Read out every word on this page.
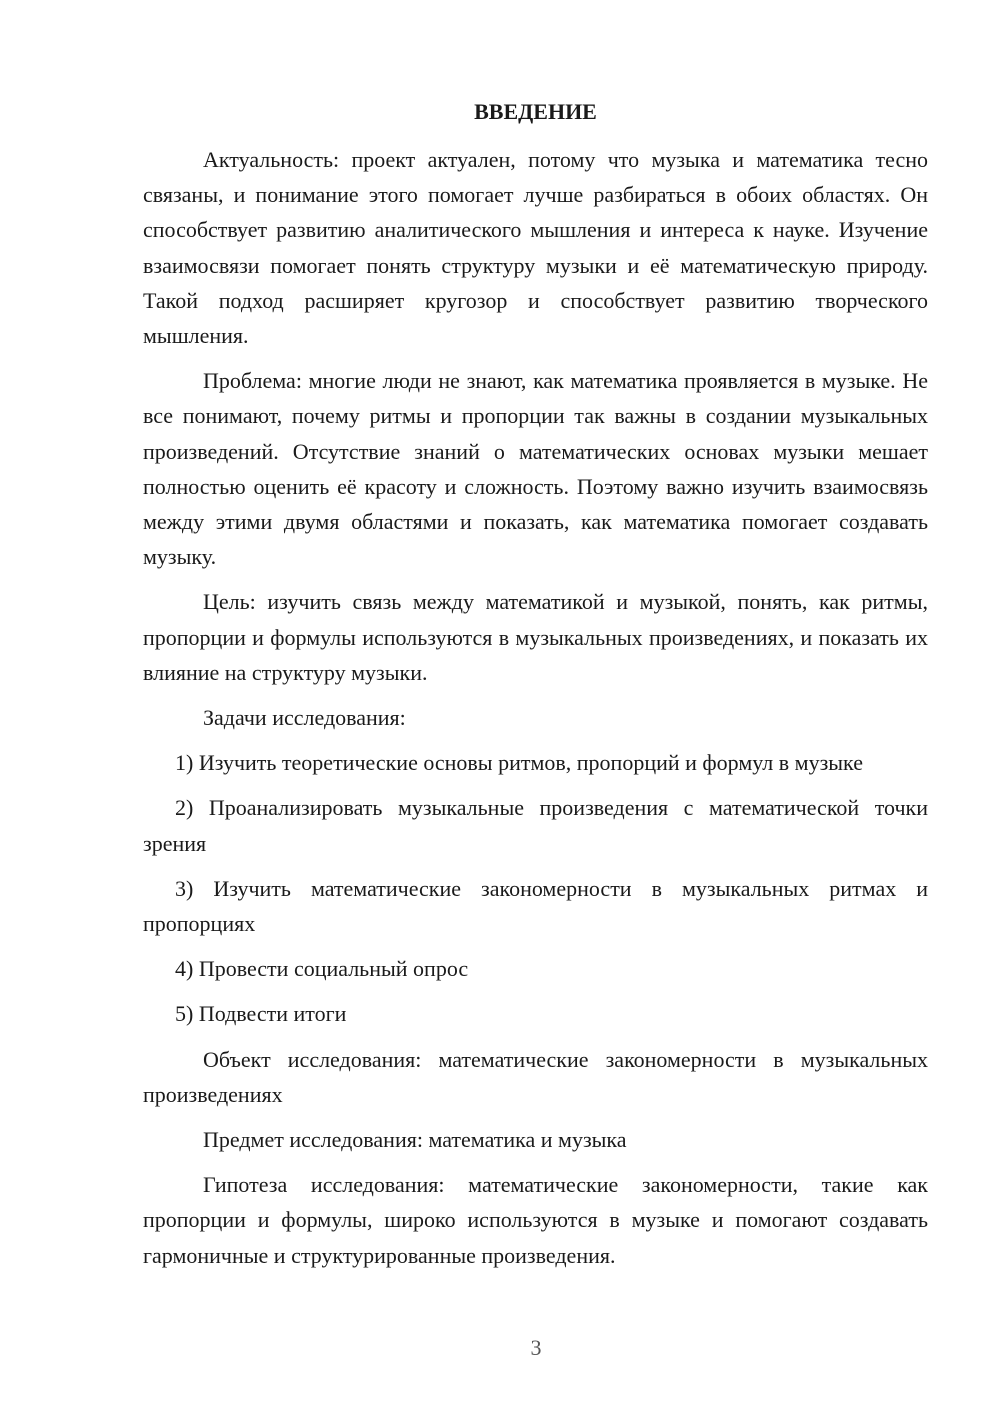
ВВЕДЕНИЕ

Актуальность: проект актуален, потому что музыка и математика тесно связаны, и понимание этого помогает лучше разбираться в обоих областях. Он способствует развитию аналитического мышления и интереса к науке. Изучение взаимосвязи помогает понять структуру музыки и её математическую природу. Такой подход расширяет кругозор и способствует развитию творческого мышления.

Проблема: многие люди не знают, как математика проявляется в музыке. Не все понимают, почему ритмы и пропорции так важны в создании музыкальных произведений. Отсутствие знаний о математических основах музыки мешает полностью оценить её красоту и сложность. Поэтому важно изучить взаимосвязь между этими двумя областями и показать, как математика помогает создавать музыку.

Цель: изучить связь между математикой и музыкой, понять, как ритмы, пропорции и формулы используются в музыкальных произведениях, и показать их влияние на структуру музыки.

Задачи исследования:

1) Изучить теоретические основы ритмов, пропорций и формул в музыке

2) Проанализировать музыкальные произведения с математической точки зрения

3) Изучить математические закономерности в музыкальных ритмах и пропорциях

4) Провести социальный опрос

5) Подвести итоги

Объект исследования: математические закономерности в музыкальных произведениях

Предмет исследования: математика и музыка

Гипотеза исследования: математические закономерности, такие как пропорции и формулы, широко используются в музыке и помогают создавать гармоничные и структурированные произведения.

3
